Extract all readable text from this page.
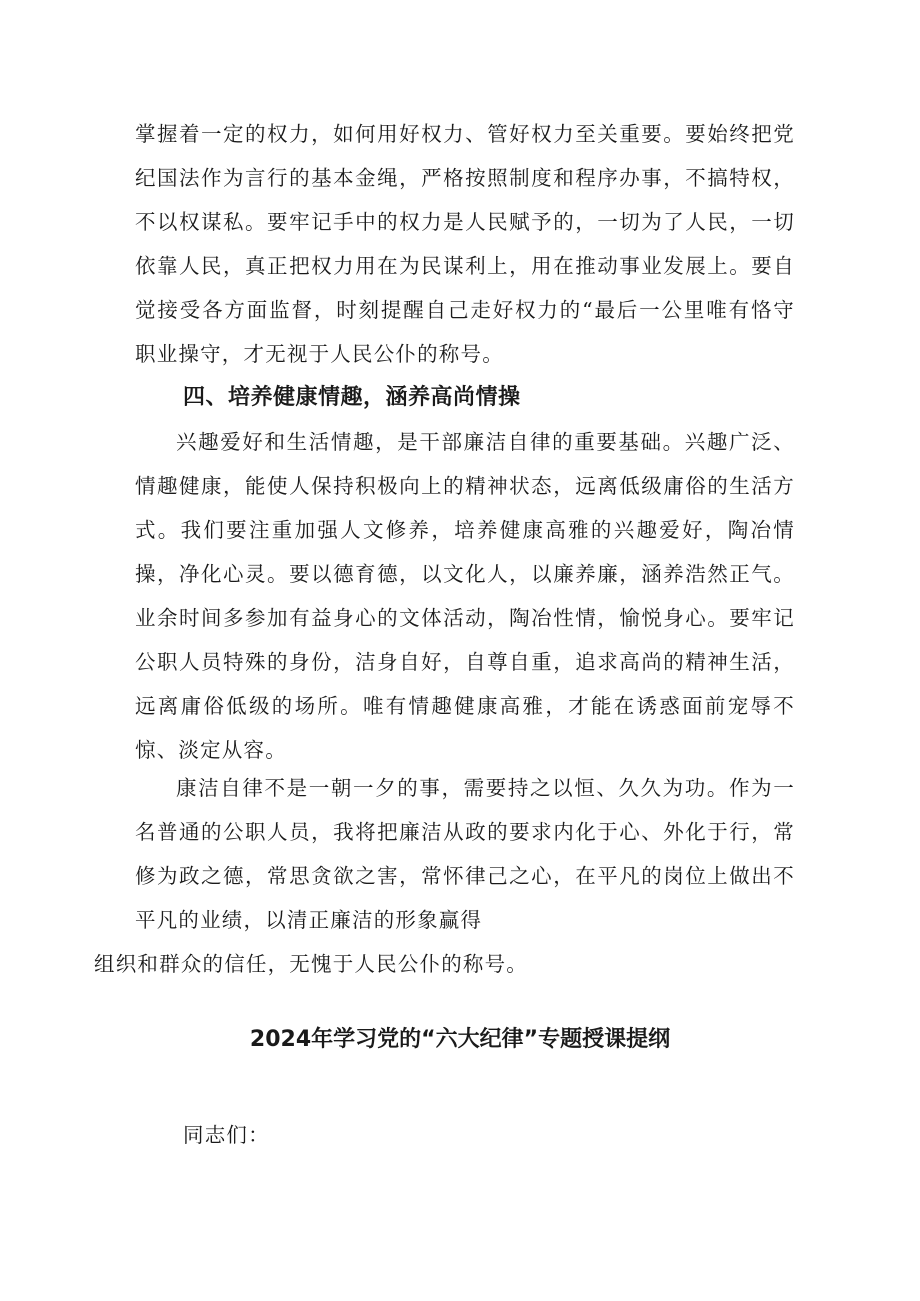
掌握着一定的权力，如何用好权力、管好权力至关重要。要始终把党纪国法作为言行的基本金绳，严格按照制度和程序办事，不搞特权，不以权谋私。要牢记手中的权力是人民赋予的，一切为了人民，一切依靠人民，真正把权力用在为民谋利上，用在推动事业发展上。要自觉接受各方面监督，时刻提醒自己走好权力的“最后一公里唯有恪守职业操守，才无视于人民公仆的称号。

四、培养健康情趣，涵养高尚情操

兴趣爱好和生活情趣，是干部廉洁自律的重要基础。兴趣广泛、情趣健康，能使人保持积极向上的精神状态，远离低级庸俗的生活方式。我们要注重加强人文修养，培养健康高雅的兴趣爱好，陶冶情操，净化心灵。要以德育德，以文化人，以廉养廉，涵养浩然正气。业余时间多参加有益身心的文体活动，陶冶性情，愉悦身心。要牢记公职人员特殊的身份，洁身自好，自尊自重，追求高尚的精神生活，远离庸俗低级的场所。唯有情趣健康高雅，才能在诱惑面前宠辱不惊、淡定从容。

康洁自律不是一朝一夕的事，需要持之以恒、久久为功。作为一名普通的公职人员，我将把廉洁从政的要求内化于心、外化于行，常修为政之德，常思贪欲之害，常怀律己之心，在平凡的岗位上做出不平凡的业绩，以清正廉洁的形象赢得
组织和群众的信任，无愧于人民公仆的称号。

2024年学习党的“六大纪律”专题授课提纲

同志们：
